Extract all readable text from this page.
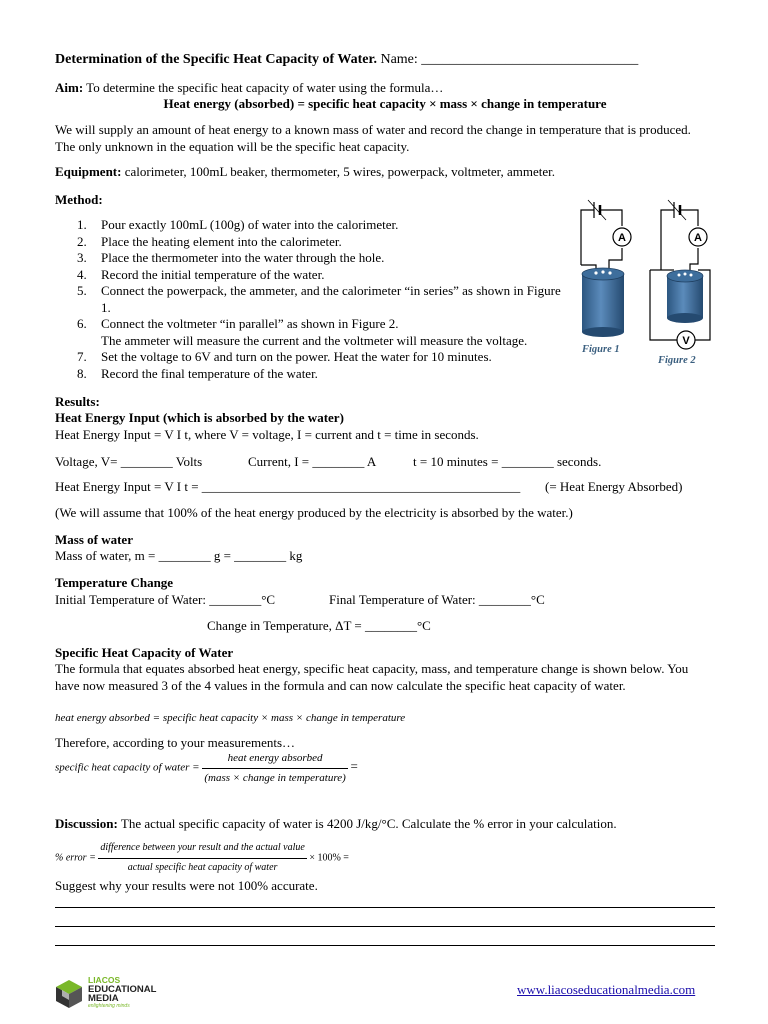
Determination of the Specific Heat Capacity of Water. Name: _______________________________
Aim: To determine the specific heat capacity of water using the formula…
Heat energy (absorbed) = specific heat capacity × mass × change in temperature
We will supply an amount of heat energy to a known mass of water and record the change in temperature that is produced. The only unknown in the equation will be the specific heat capacity.
Equipment: calorimeter, 100mL beaker, thermometer, 5 wires, powerpack, voltmeter, ammeter.
Method:
1. Pour exactly 100mL (100g) of water into the calorimeter.
2. Place the heating element into the calorimeter.
3. Place the thermometer into the water through the hole.
4. Record the initial temperature of the water.
5. Connect the powerpack, the ammeter, and the calorimeter “in series” as shown in Figure 1.
6. Connect the voltmeter “in parallel” as shown in Figure 2.
The ammeter will measure the current and the voltmeter will measure the voltage.
7. Set the voltage to 6V and turn on the power. Heat the water for 10 minutes.
8. Record the final temperature of the water.
A	A
V
Figure 1
Figure 2
Results:
Heat Energy Input (which is absorbed by the water)
Heat Energy Input = V I t, where V = voltage, I = current and t = time in seconds.
Voltage, V= ________ Volts	Current, I = ________ A	t = 10 minutes = ________ seconds.
Heat Energy Input = V I t = _________________________________________________ (= Heat Energy Absorbed)
(We will assume that 100% of the heat energy produced by the electricity is absorbed by the water.)
Mass of water
Mass of water, m = ________ g = ________ kg
Temperature Change
Initial Temperature of Water: ________°C	Final Temperature of Water: ________°C
Change in Temperature, ΔT = ________°C
Specific Heat Capacity of Water
The formula that equates absorbed heat energy, specific heat capacity, mass, and temperature change is shown below. You have now measured 3 of the 4 values in the formula and can now calculate the specific heat capacity of water.
heat energy absorbed = specific heat capacity × mass × change in temperature
Therefore, according to your measurements…
specific heat capacity of water = $\frac{\text{heat energy absorbed}}{\text{(mass × change in temperature)}}$ =
Discussion: The actual specific capacity of water is 4200 J/kg/°C. Calculate the % error in your calculation.
% error = $\frac{\text{difference between your result and the actual value}}{\text{actual specific heat capacity of water}} \times 100\%$ =
Suggest why your results were not 100% accurate.
www.liacoseducationalmedia.com
LIACOS
EDUCATIONAL
MEDIA
enlightening minds
